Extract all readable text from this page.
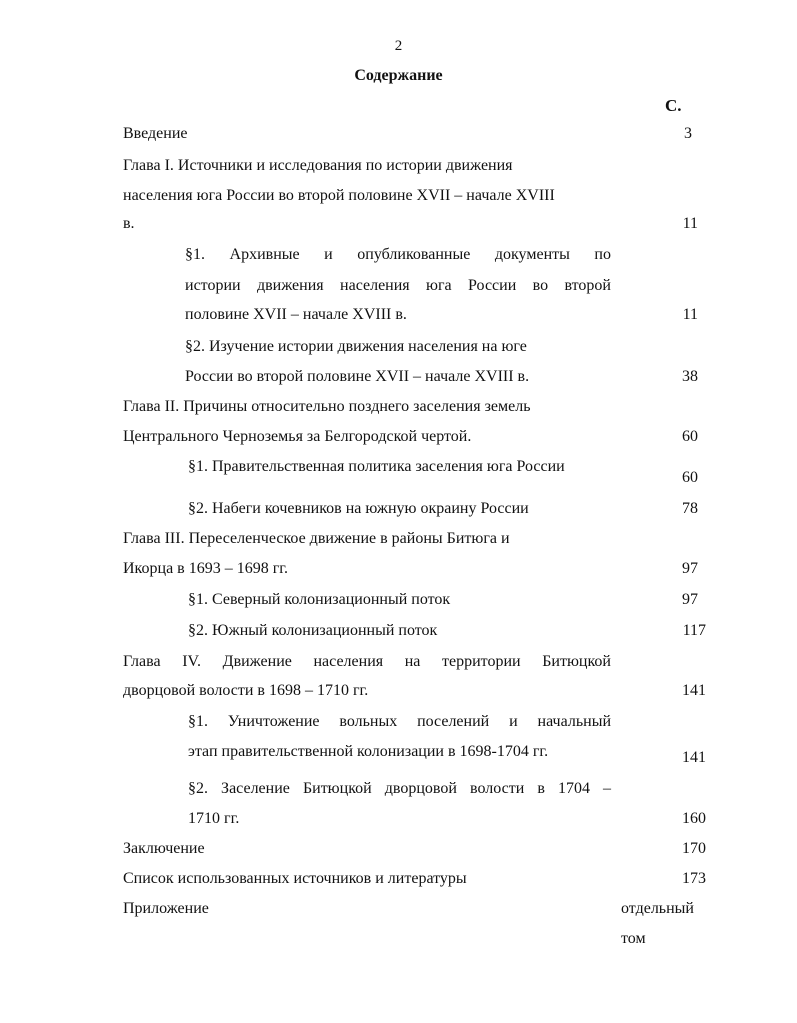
2
Содержание
С.
Введение	3
Глава I. Источники и исследования по истории движения
населения юга России во второй половине XVII – начале XVIII
в.	11
§1. Архивные и опубликованные документы по
истории движения населения юга России во второй
половине XVII – начале XVIII в.	11
§2. Изучение истории движения населения на юге
России во второй половине XVII – начале XVIII в.	38
Глава II. Причины относительно позднего заселения земель
Центрального Черноземья за Белгородской чертой.	60
§1. Правительственная политика заселения юга России
60
§2. Набеги кочевников на южную окраину России	78
Глава III. Переселенческое движение в районы Битюга и
Икорца в 1693 – 1698 гг.	97
§1. Северный колонизационный поток	97
§2. Южный колонизационный поток	117
Глава IV. Движение населения на территории Битюцкой
дворцовой волости в 1698 – 1710 гг.	141
§1. Уничтожение вольных поселений и начальный
этап правительственной колонизации в 1698-1704 гг.	141
§2. Заселение Битюцкой дворцовой волости в 1704 –
1710 гг.	160
Заключение	170
Список использованных источников и литературы	173
Приложение	отдельный
том
